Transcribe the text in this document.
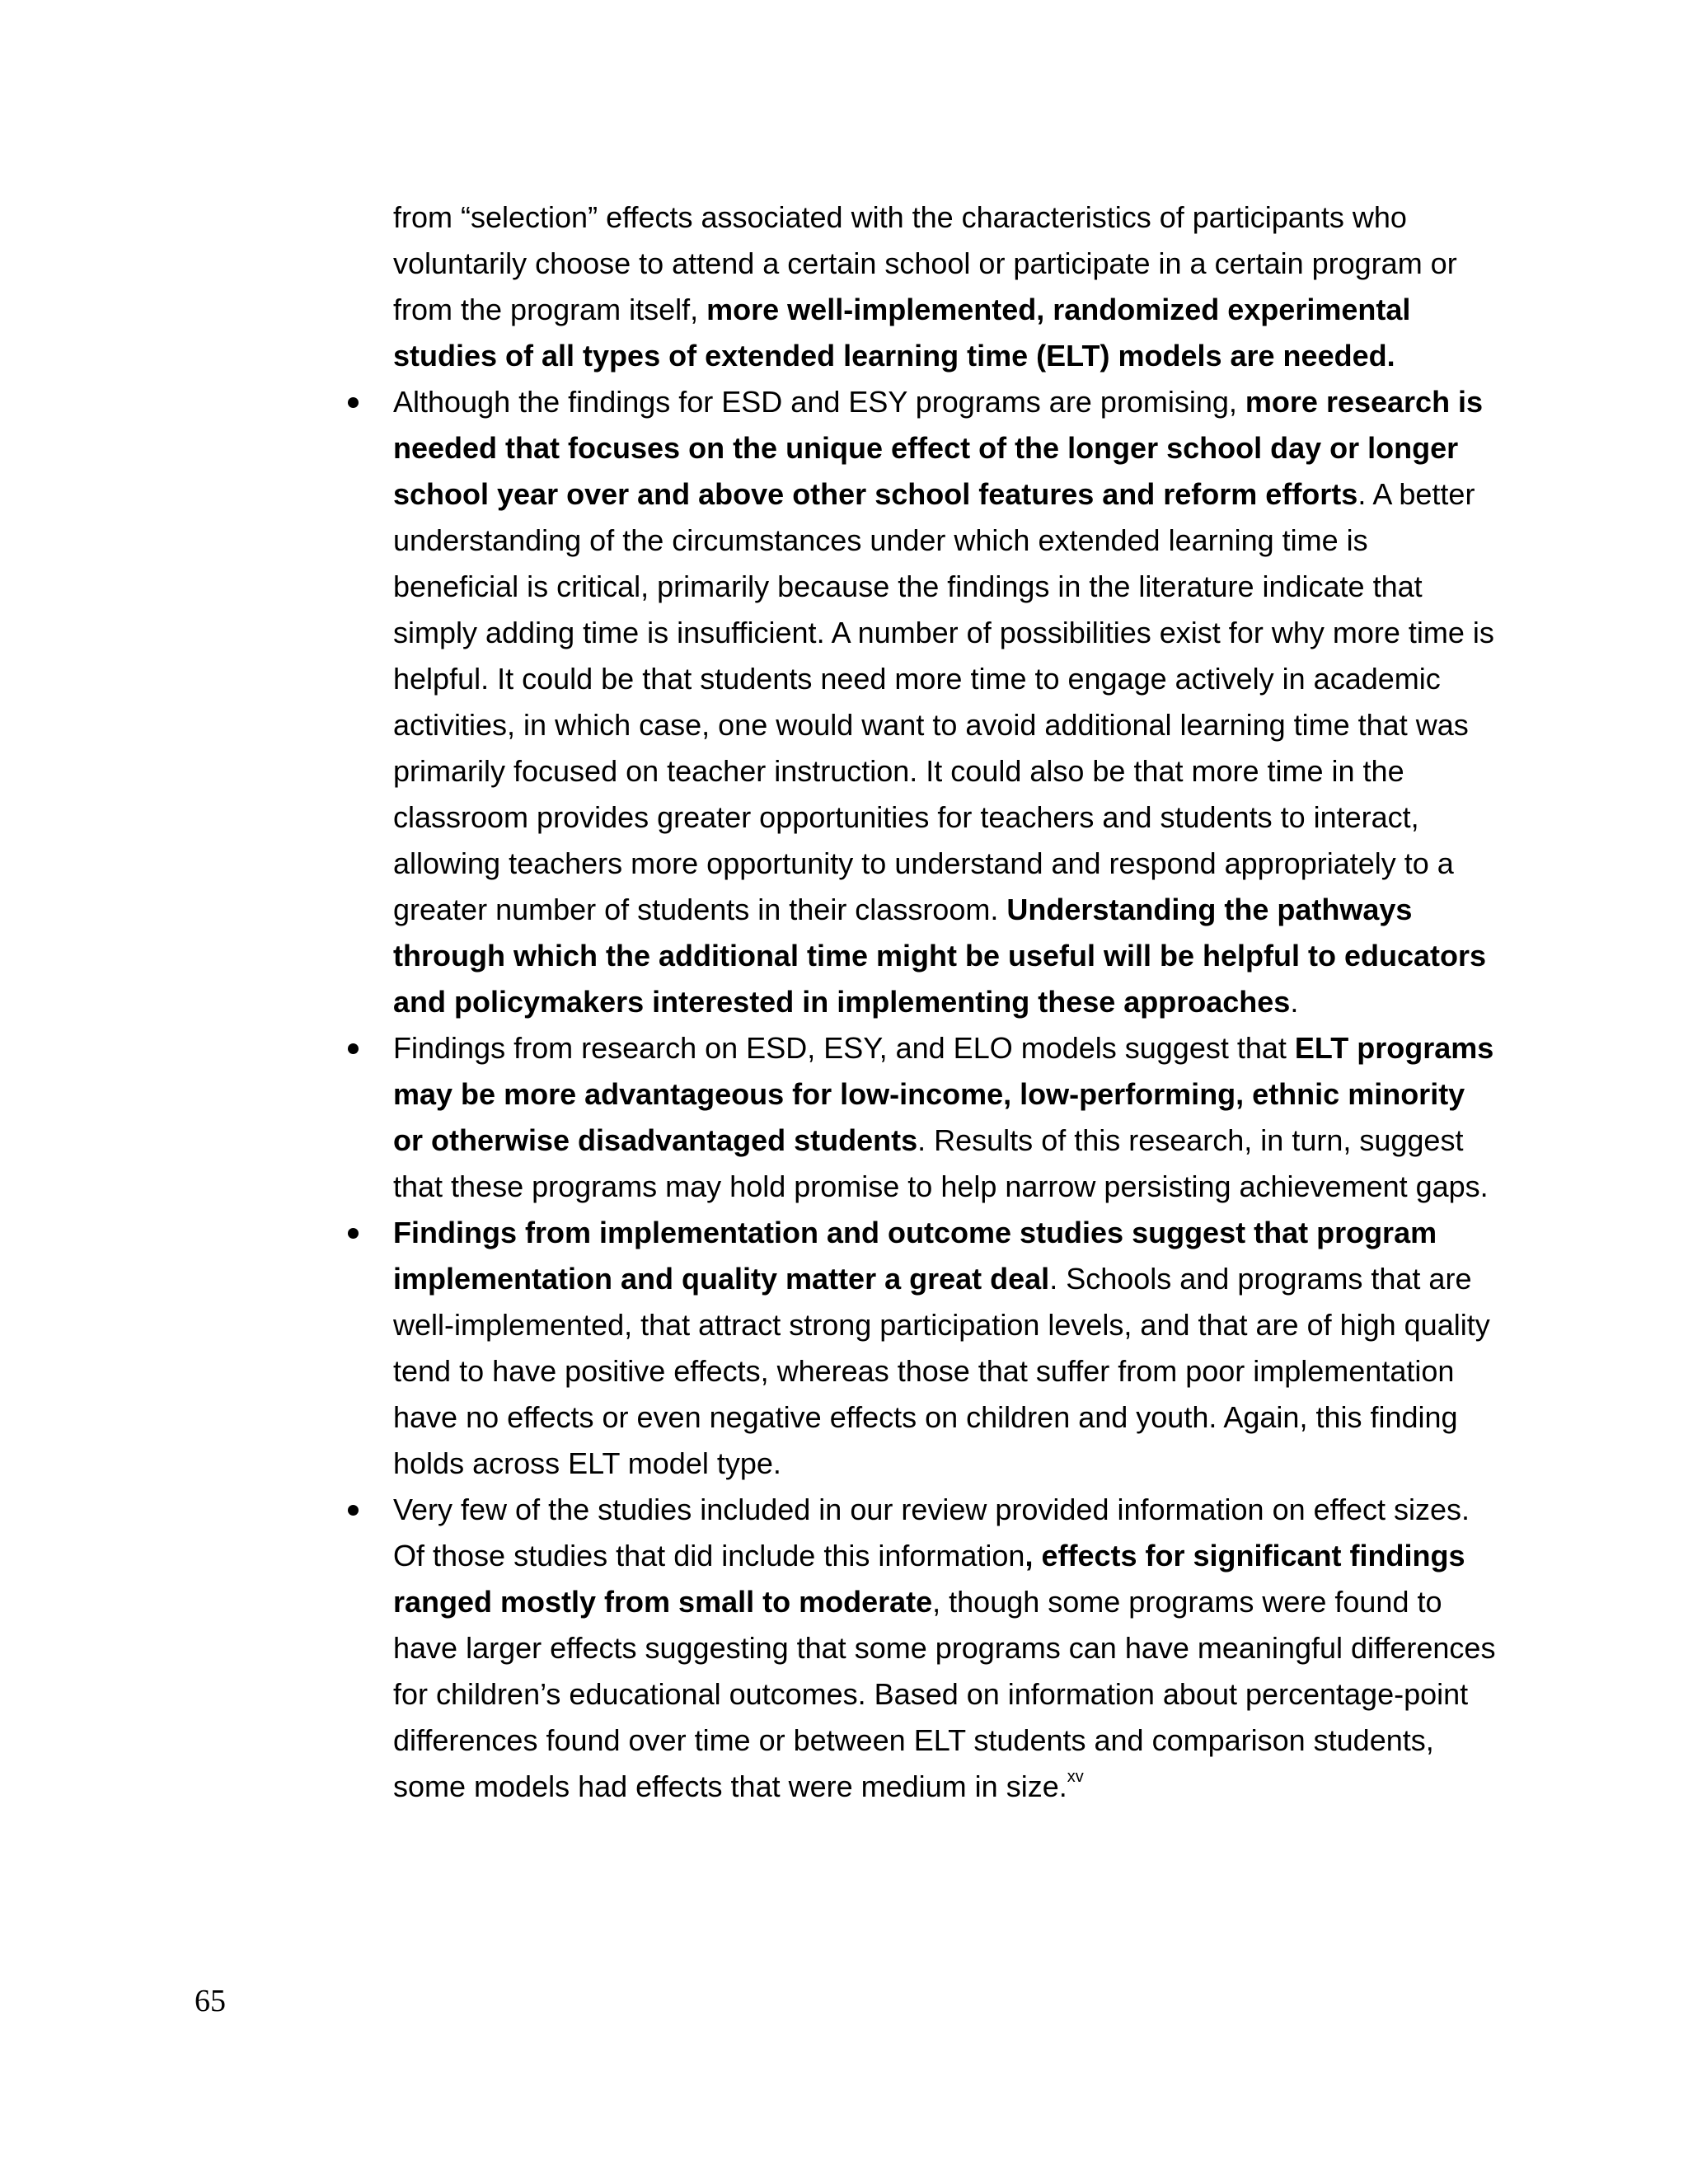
from “selection” effects associated with the characteristics of participants who voluntarily choose to attend a certain school or participate in a certain program or from the program itself, more well-implemented, randomized experimental studies of all types of extended learning time (ELT) models are needed.

Although the findings for ESD and ESY programs are promising, more research is needed that focuses on the unique effect of the longer school day or longer school year over and above other school features and reform efforts. A better understanding of the circumstances under which extended learning time is beneficial is critical, primarily because the findings in the literature indicate that simply adding time is insufficient. A number of possibilities exist for why more time is helpful. It could be that students need more time to engage actively in academic activities, in which case, one would want to avoid additional learning time that was primarily focused on teacher instruction. It could also be that more time in the classroom provides greater opportunities for teachers and students to interact, allowing teachers more opportunity to understand and respond appropriately to a greater number of students in their classroom. Understanding the pathways through which the additional time might be useful will be helpful to educators and policymakers interested in implementing these approaches.
Findings from research on ESD, ESY, and ELO models suggest that ELT programs may be more advantageous for low-income, low-performing, ethnic minority or otherwise disadvantaged students. Results of this research, in turn, suggest that these programs may hold promise to help narrow persisting achievement gaps.
Findings from implementation and outcome studies suggest that program implementation and quality matter a great deal. Schools and programs that are well-implemented, that attract strong participation levels, and that are of high quality tend to have positive effects, whereas those that suffer from poor implementation have no effects or even negative effects on children and youth. Again, this finding holds across ELT model type.
Very few of the studies included in our review provided information on effect sizes. Of those studies that did include this information, effects for significant findings ranged mostly from small to moderate, though some programs were found to have larger effects suggesting that some programs can have meaningful differences for children’s educational outcomes. Based on information about percentage-point differences found over time or between ELT students and comparison students, some models had effects that were medium in size.$^{xv}$
65
